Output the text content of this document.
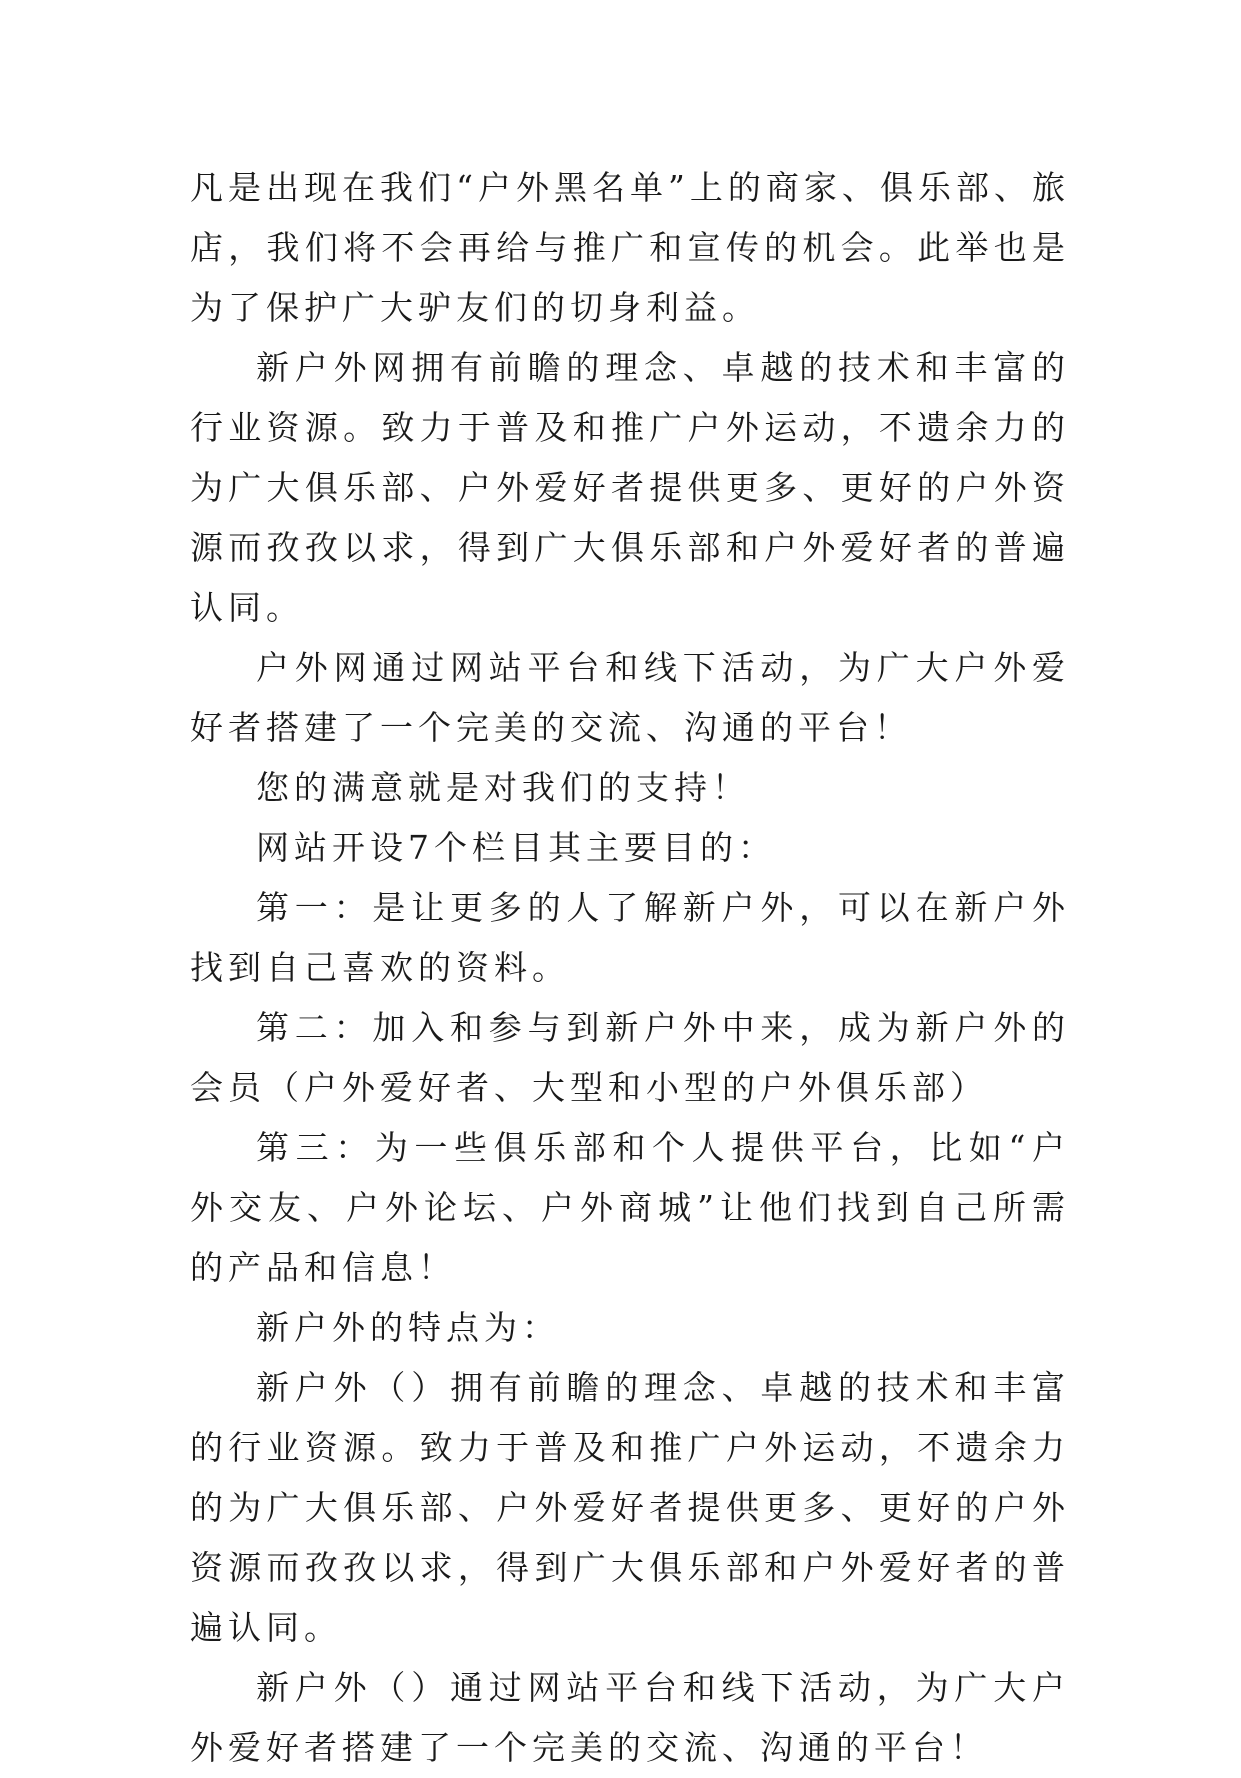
凡是出现在我们“户外黑名单”上的商家、俱乐部、旅店，我们将不会再给与推广和宣传的机会。此举也是为了保护广大驴友们的切身利益。

新户外网拥有前瞻的理念、卓越的技术和丰富的行业资源。致力于普及和推广户外运动，不遗余力的为广大俱乐部、户外爱好者提供更多、更好的户外资源而孜孜以求，得到广大俱乐部和户外爱好者的普遍认同。

户外网通过网站平台和线下活动，为广大户外爱好者搭建了一个完美的交流、沟通的平台！

您的满意就是对我们的支持！

网站开设7个栏目其主要目的：

第一：是让更多的人了解新户外，可以在新户外找到自己喜欢的资料。

第二：加入和参与到新户外中来，成为新户外的会员（户外爱好者、大型和小型的户外俱乐部）

第三：为一些俱乐部和个人提供平台，比如“户外交友、户外论坛、户外商城”让他们找到自己所需的产品和信息！

新户外的特点为：

新户外（）拥有前瞻的理念、卓越的技术和丰富的行业资源。致力于普及和推广户外运动，不遗余力的为广大俱乐部、户外爱好者提供更多、更好的户外资源而孜孜以求，得到广大俱乐部和户外爱好者的普遍认同。

新户外（）通过网站平台和线下活动，为广大户外爱好者搭建了一个完美的交流、沟通的平台！
